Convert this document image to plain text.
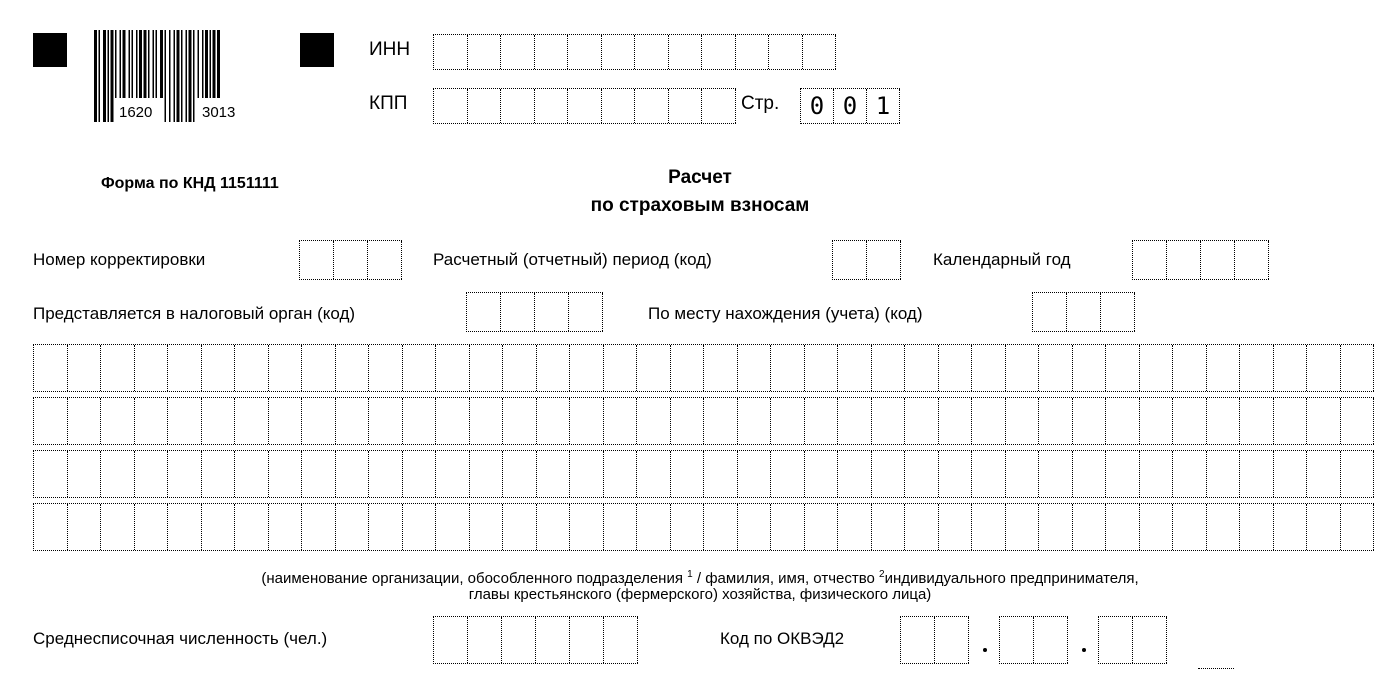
1620	3013
ИНН
КПП	Стр.	0 0 1
Форма по КНД 1151111	Расчет
по страховым взносам
Номер корректировки	Расчетный (отчетный) период (код)	Календарный год
Представляется в налоговый орган (код)	По месту нахождения (учета) (код)
(наименование организации, обособленного подразделения $^1$ / фамилия, имя, отчество $^2$индивидуального предпринимателя,
главы крестьянского (фермерского) хозяйства, физического лица)
Среднесписочная численность (чел.)	Код по ОКВЭД2
